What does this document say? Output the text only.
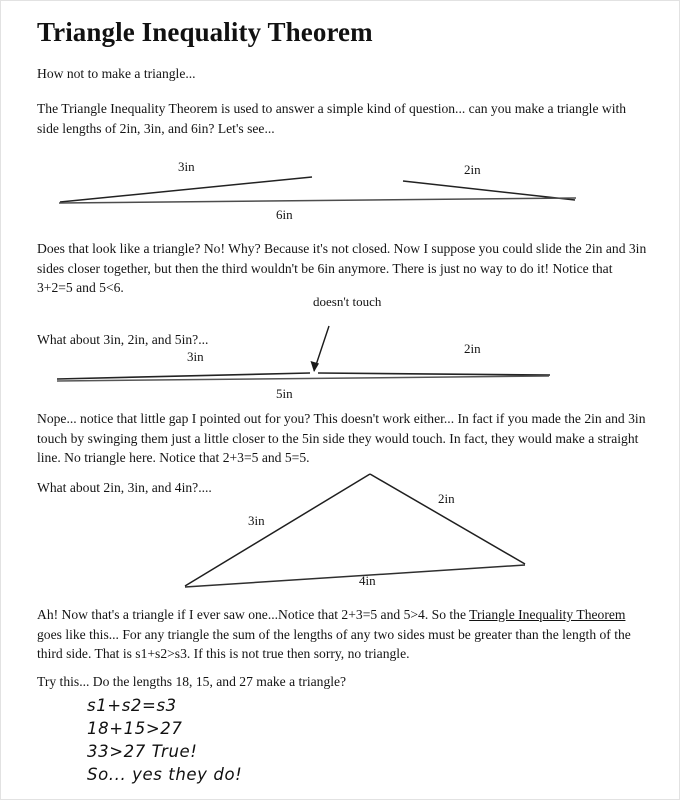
Triangle Inequality Theorem
How not to make a triangle...
The Triangle Inequality Theorem is used to answer a simple kind of question... can you make a triangle with side lengths of 2in, 3in, and 6in? Let's see...
3in	2in
6in
Does that look like a triangle? No! Why? Because it's not closed. Now I suppose you could slide the 2in and 3in sides closer together, but then the third wouldn't be 6in anymore. There is just no way to do it! Notice that 3+2=5 and 5<6.
What about 3in, 2in, and 5in?...
doesn't touch
3in
2in
5in
Nope... notice that little gap I pointed out for you? This doesn't work either... In fact if you made the 2in and 3in touch by swinging them just a little closer to the 5in side they would touch. In fact, they would make a straight line. No triangle here. Notice that 2+3=5 and 5=5.
What about 2in, 3in, and 4in?....
3in
2in
4in
Ah! Now that's a triangle if I ever saw one...Notice that 2+3=5 and 5>4. So the Triangle Inequality Theorem goes like this... For any triangle the sum of the lengths of any two sides must be greater than the length of the third side. That is s1+s2>s3. If this is not true then sorry, no triangle.
Try this... Do the lengths 18, 15, and 27 make a triangle?
s1+s2=s3
18+15>27
33>27 True!
So... yes they do!
